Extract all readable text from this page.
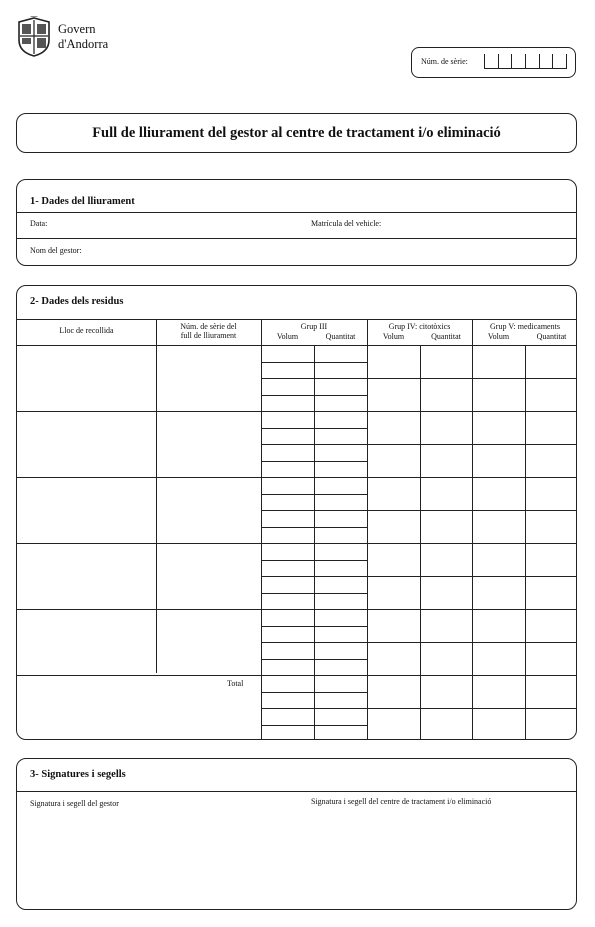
Govern
d'Andorra
Núm. de sèrie:
Full de lliurament del gestor al centre de tractament i/o eliminació
1- Dades del lliurament
Data:	Matrícula del vehicle:
Nom del gestor:
2- Dades dels residus
Lloc de recollida	Núm. de sèrie del
full de lliurament
Grup III	Grup IV: citotòxics	Grup V: medicaments
Volum	Quantitat	Volum	Quantitat	Volum	Quantitat
Total
3- Signatures i segells
Signatura i segell del gestor	Signatura i segell del centre de tractament i/o eliminació
